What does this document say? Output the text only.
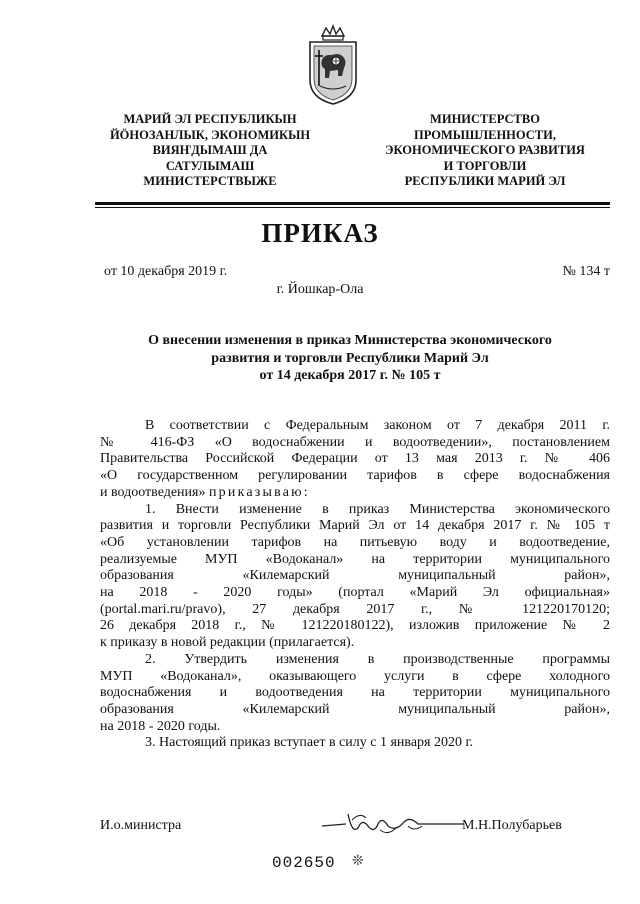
МАРИЙ ЭЛ РЕСПУБЛИКЫН
ЙӦНОЗАНЛЫК, ЭКОНОМИКЫН
ВИЯҤДЫМАШ ДА
САТУЛЫМАШ
МИНИСТЕРСТВЫЖЕ
МИНИСТЕРСТВО
ПРОМЫШЛЕННОСТИ,
ЭКОНОМИЧЕСКОГО РАЗВИТИЯ
И ТОРГОВЛИ
РЕСПУБЛИКИ МАРИЙ ЭЛ
ПРИКАЗ
от 10 декабря 2019 г.	№ 134 т
г. Йошкар-Ола
О внесении изменения в приказ Министерства экономического
развития и торговли Республики Марий Эл
от 14 декабря 2017 г. № 105 т

В соответствии с Федеральным законом от 7 декабря 2011 г.

№ 416-ФЗ «О водоснабжении и водоотведении», постановлением

Правительства Российской Федерации от 13 мая 2013 г. № 406

«О государственном регулировании тарифов в сфере водоснабжения

и водоотведения» приказываю:

1. Внести изменение в приказ Министерства экономического

развития и торговли Республики Марий Эл от 14 декабря 2017 г. № 105 т

«Об установлении тарифов на питьевую воду и водоотведение,

реализуемые МУП «Водоканал» на территории муниципального

образования «Килемарский муниципальный район»,

на 2018 - 2020 годы» (портал «Марий Эл официальная»

(portal.mari.ru/pravo), 27 декабря 2017 г., № 121220170120;

26 декабря 2018 г., № 121220180122), изложив приложение № 2

к приказу в новой редакции (прилагается).

2. Утвердить изменения в производственные программы

МУП «Водоканал», оказывающего услуги в сфере холодного

водоснабжения и водоотведения на территории муниципального

образования «Килемарский муниципальный район»,

на 2018 - 2020 годы.

3. Настоящий приказ вступает в силу с 1 января 2020 г.

И.о.министра	М.Н.Полубарьев
002650 ❊
